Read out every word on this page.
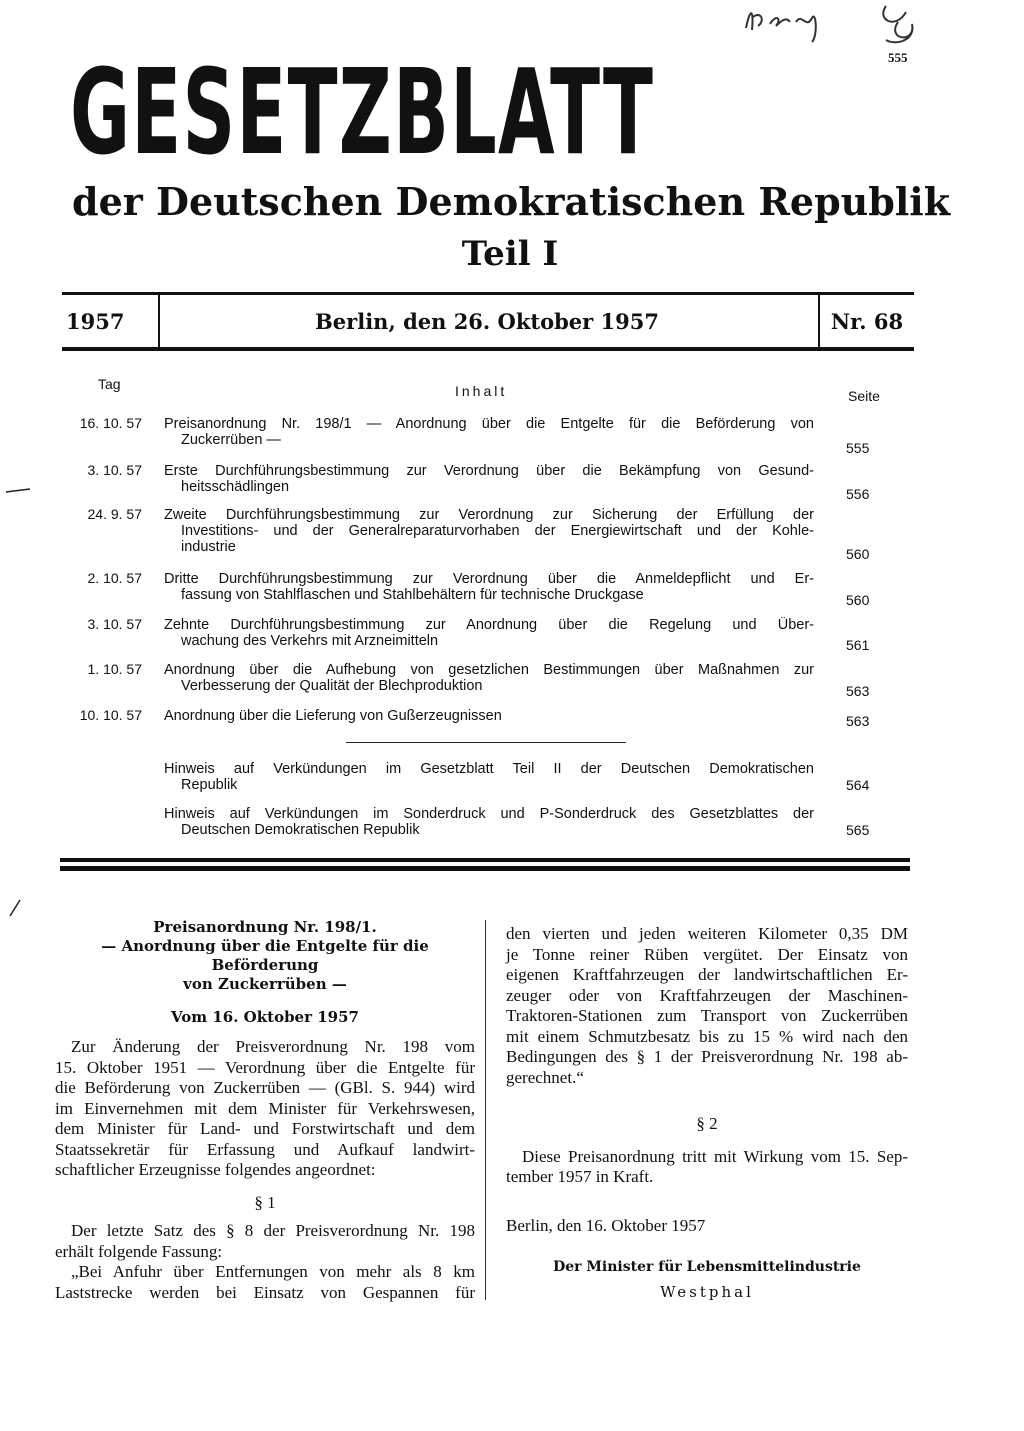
555
GESETZBLATT
der Deutschen Demokratischen Republik
Teil I
1957	Berlin, den 26. Oktober 1957	Nr. 68
Tag	Inhalt	Seite
16. 10. 57 Preisanordnung Nr. 198/1 — Anordnung über die Entgelte für die Beförderung von
Zuckerrüben —	555
3. 10. 57 Erste Durchführungsbestimmung zur Verordnung über die Bekämpfung von Gesund-
heitsschädlingen	556
24. 9. 57 Zweite Durchführungsbestimmung zur Verordnung zur Sicherung der Erfüllung der
Investitions- und der Generalreparaturvorhaben der Energiewirtschaft und der Kohle-
industrie	560
2. 10. 57 Dritte Durchführungsbestimmung zur Verordnung über die Anmeldepflicht und Er-
fassung von Stahlflaschen und Stahlbehältern für technische Druckgase	560
3. 10. 57 Zehnte Durchführungsbestimmung zur Anordnung über die Regelung und Über-
wachung des Verkehrs mit Arzneimitteln	561
1. 10. 57 Anordnung über die Aufhebung von gesetzlichen Bestimmungen über Maßnahmen zur
Verbesserung der Qualität der Blechproduktion	563
10. 10. 57 Anordnung über die Lieferung von Gußerzeugnissen	563
Hinweis auf Verkündungen im Gesetzblatt Teil II der Deutschen Demokratischen
Republik	564
Hinweis auf Verkündungen im Sonderdruck und P-Sonderdruck des Gesetzblattes der
Deutschen Demokratischen Republik	565
Preisanordnung Nr. 198/1.
— Anordnung über die Entgelte für die Beförderung
von Zuckerrüben —
Vom 16. Oktober 1957
Zur Änderung der Preisverordnung Nr. 198 vom
15. Oktober 1951 — Verordnung über die Entgelte für
die Beförderung von Zuckerrüben — (GBl. S. 944) wird
im Einvernehmen mit dem Minister für Verkehrswesen,
dem Minister für Land- und Forstwirtschaft und dem
Staatssekretär für Erfassung und Aufkauf landwirt-
schaftlicher Erzeugnisse folgendes angeordnet:
§ 1
Der letzte Satz des § 8 der Preisverordnung Nr. 198
erhält folgende Fassung:
„Bei Anfuhr über Entfernungen von mehr als 8 km
Laststrecke werden bei Einsatz von Gespannen für
den vierten und jeden weiteren Kilometer 0,35 DM
je Tonne reiner Rüben vergütet. Der Einsatz von
eigenen Kraftfahrzeugen der landwirtschaftlichen Er-
zeuger oder von Kraftfahrzeugen der Maschinen-
Traktoren-Stationen zum Transport von Zuckerrüben
mit einem Schmutzbesatz bis zu 15 % wird nach den
Bedingungen des § 1 der Preisverordnung Nr. 198 ab-
gerechnet.“
§ 2
Diese Preisanordnung tritt mit Wirkung vom 15. Sep-
tember 1957 in Kraft.
Berlin, den 16. Oktober 1957
Der Minister für Lebensmittelindustrie
Westphal
